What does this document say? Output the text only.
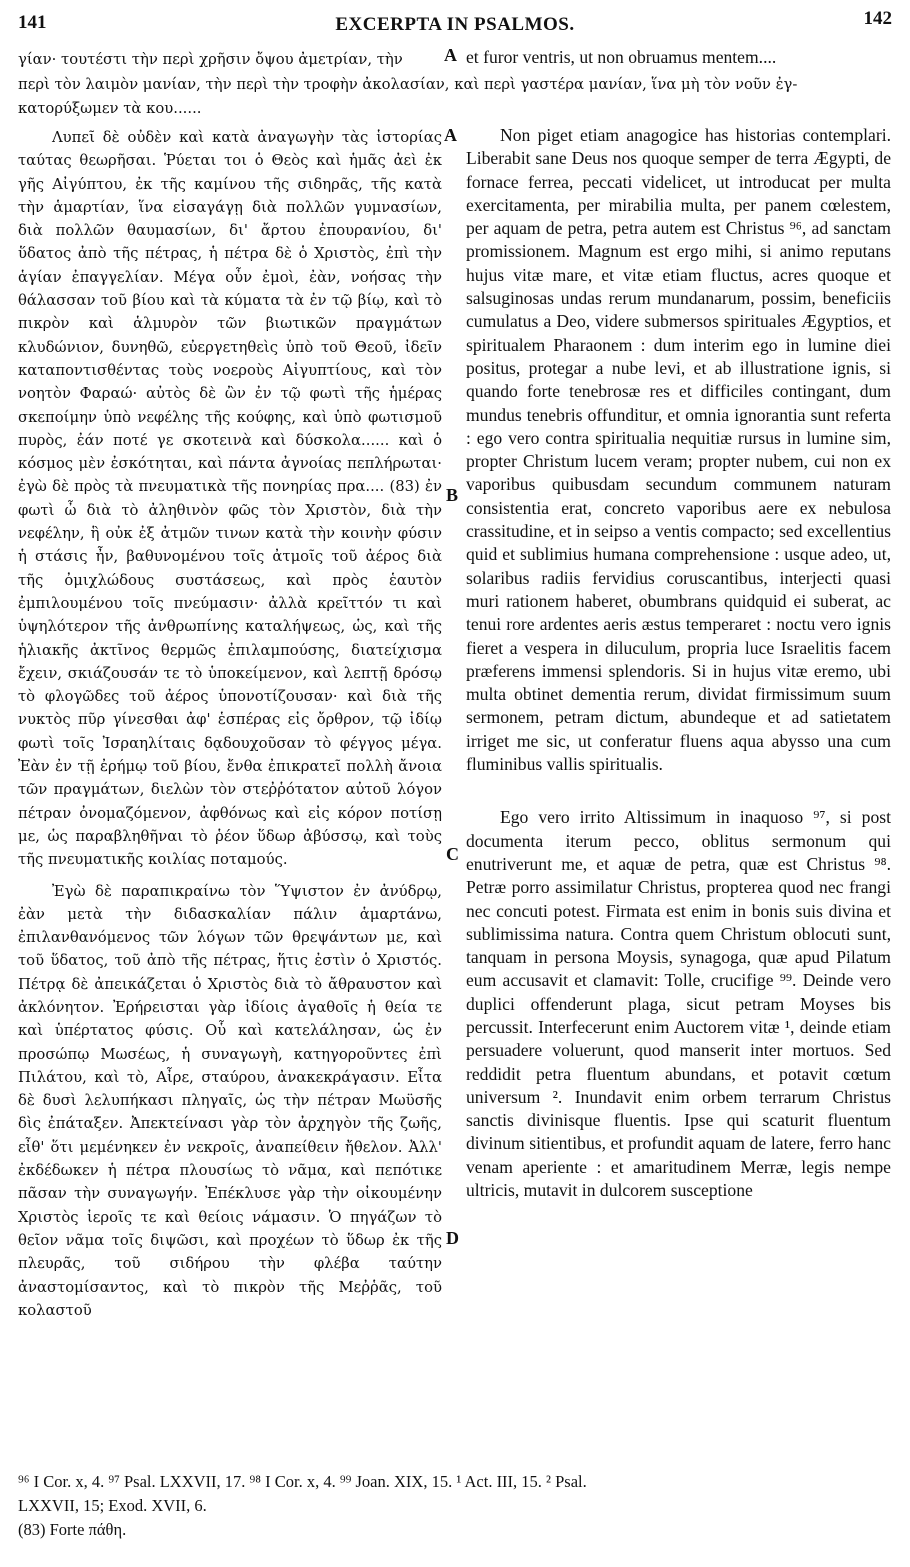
141	EXCERPTA IN PSALMOS.	142
γίαν· τουτέστι τὴν περὶ χρῆσιν ὄψου ἀμετρίαν, τὴν	et furor ventris, ut non obruamus mentem....
περὶ τὸν λαιμὸν μανίαν, τὴν περὶ τὴν τροφὴν ἀκολασίαν, καὶ περὶ γαστέρα μανίαν, ἵνα μὴ τὸν νοῦν ἐγ-
κατορύξωμεν τὰ κου......

Λυπεῖ δὲ οὐδὲν καὶ κατὰ ἀναγωγὴν τὰς ἱστορίας ταύτας θεωρῆσαι. Ῥύεται τοι ὁ Θεὸς καὶ ἡμᾶς ἀεὶ ἐκ γῆς Αἰγύπτου, ἐκ τῆς καμίνου τῆς σιδηρᾶς, τῆς κατὰ τὴν ἁμαρτίαν, ἵνα εἰσαγάγῃ διὰ πολλῶν γυμνασίων, διὰ πολλῶν θαυμασίων, δι' ἄρτου ἐπουρανίου, δι' ὕδατος ἀπὸ τῆς πέτρας, ἡ πέτρα δὲ ὁ Χριστὸς, ἐπὶ τὴν ἁγίαν ἐπαγγελίαν. Μέγα οὖν ἐμοὶ, ἐὰν, νοήσας τὴν θάλασσαν τοῦ βίου καὶ τὰ κύματα τὰ ἐν τῷ βίῳ, καὶ τὸ πικρὸν καὶ ἁλμυρὸν τῶν βιωτικῶν πραγμάτων κλυδώνιον, δυνηθῶ, εὐεργετηθεὶς ὑπὸ τοῦ Θεοῦ, ἰδεῖν καταποντισθέντας τοὺς νοεροὺς Αἰγυπτίους, καὶ τὸν νοητὸν Φαραώ· αὐτὸς δὲ ὢν ἐν τῷ φωτὶ τῆς ἡμέρας σκεποίμην ὑπὸ νεφέλης τῆς κούφης, καὶ ὑπὸ φωτισμοῦ πυρὸς, ἐάν ποτέ γε σκοτεινὰ καὶ δύσκολα...... καὶ ὁ κόσμος μὲν ἐσκότηται, καὶ πάντα ἀγνοίας πεπλήρωται· ἐγὼ δὲ πρὸς τὰ πνευματικὰ τῆς πονηρίας πρα.... (83) ἐν φωτὶ ὦ διὰ τὸ ἀληθινὸν φῶς τὸν Χριστὸν, διὰ τὴν νεφέλην, ἣ οὐκ ἐξ ἀτμῶν τινων κατὰ τὴν κοινὴν φύσιν ἡ στάσις ἦν, βαθυνομένου τοῖς ἀτμοῖς τοῦ ἀέρος διὰ τῆς ὀμιχλώδους συστάσεως, καὶ πρὸς ἑαυτὸν ἐμπιλουμένου τοῖς πνεύμασιν· ἀλλὰ κρεῖττόν τι καὶ ὑψηλότερον τῆς ἀνθρωπίνης καταλήψεως, ὡς, καὶ τῆς ἡλιακῆς ἀκτῖνος θερμῶς ἐπιλαμπούσης, διατείχισμα ἔχειν, σκιάζουσάν τε τὸ ὑποκείμενον, καὶ λεπτῇ δρόσῳ τὸ φλογῶδες τοῦ ἀέρος ὑπονοτίζουσαν· καὶ διὰ τῆς νυκτὸς πῦρ γίνεσθαι ἀφ' ἑσπέρας εἰς ὄρθρον, τῷ ἰδίῳ φωτὶ τοῖς Ἰσραηλίταις δᾳδουχοῦσαν τὸ φέγγος μέγα. Ἐὰν ἐν τῇ ἐρήμῳ τοῦ βίου, ἔνθα ἐπικρατεῖ πολλὴ ἄνοια τῶν πραγμάτων, διελὼν τὸν στεῤῥότατον αὐτοῦ λόγον πέτραν ὀνομαζόμενον, ἀφθόνως καὶ εἰς κόρον ποτίσῃ με, ὡς παραβληθῆναι τὸ ῥέον ὕδωρ ἀβύσσῳ, καὶ τοὺς τῆς πνευματικῆς κοιλίας ποταμούς.

Ἐγὼ δὲ παραπικραίνω τὸν Ὕψιστον ἐν ἀνύδρῳ, ἐὰν μετὰ τὴν διδασκαλίαν πάλιν ἁμαρτάνω, ἐπιλανθανόμενος τῶν λόγων τῶν θρεψάντων με, καὶ τοῦ ὕδατος, τοῦ ἀπὸ τῆς πέτρας, ἥτις ἐστὶν ὁ Χριστός. Πέτρᾳ δὲ ἀπεικάζεται ὁ Χριστὸς διὰ τὸ ἄθραυστον καὶ ἀκλόνητον. Ἐρήρεισται γὰρ ἰδίοις ἀγαθοῖς ἡ θεία τε καὶ ὑπέρτατος φύσις. Οὗ καὶ κατελάλησαν, ὡς ἐν προσώπῳ Μωσέως, ἡ συναγωγὴ, κατηγοροῦντες ἐπὶ Πιλάτου, καὶ τὸ, Αἶρε, σταύρου, ἀνακεκράγασιν. Εἶτα δὲ δυσὶ λελυπήκασι πληγαῖς, ὡς τὴν πέτραν Μωϋσῆς δὶς ἐπάταξεν. Ἀπεκτείνασι γὰρ τὸν ἀρχηγὸν τῆς ζωῆς, εἶθ' ὅτι μεμένηκεν ἐν νεκροῖς, ἀναπείθειν ἤθελον. Ἀλλ' ἐκδέδωκεν ἡ πέτρα πλουσίως τὸ νᾶμα, καὶ πεπότικε πᾶσαν τὴν συναγωγήν. Ἐπέκλυσε γὰρ τὴν οἰκουμένην Χριστὸς ἱεροῖς τε καὶ θείοις νάμασιν. Ὁ πηγάζων τὸ θεῖον νᾶμα τοῖς διψῶσι, καὶ προχέων τὸ ὕδωρ ἐκ τῆς πλευρᾶς, τοῦ σιδήρου τὴν φλέβα ταύτην ἀναστομίσαντος, καὶ τὸ πικρὸν τῆς Μεῤῥᾶς, τοῦ κολαστοῦ

Non piget etiam anagogice has historias contemplari. Liberabit sane Deus nos quoque semper de terra Ægypti, de fornace ferrea, peccati videlicet, ut introducat per multa exercitamenta, per mirabilia multa, per panem cœlestem, per aquam de petra, petra autem est Christus ⁹⁶, ad sanctam promissionem. Magnum est ergo mihi, si animo reputans hujus vitæ mare, et vitæ etiam fluctus, acres quoque et salsuginosas undas rerum mundanarum, possim, beneficiis cumulatus a Deo, videre submersos spirituales Ægyptios, et spiritualem Pharaonem : dum interim ego in lumine diei positus, protegar a nube levi, et ab illustratione ignis, si quando forte tenebrosæ res et difficiles contingant, dum mundus tenebris offunditur, et omnia ignorantia sunt referta : ego vero contra spiritualia nequitiæ rursus in lumine sim, propter Christum lucem veram; propter nubem, cui non ex vaporibus quibusdam secundum communem naturam consistentia erat, concreto vaporibus aere ex nebulosa crassitudine, et in seipso a ventis compacto; sed excellentius quid et sublimius humana comprehensione : usque adeo, ut, solaribus radiis fervidius coruscantibus, interjecti quasi muri rationem haberet, obumbrans quidquid ei suberat, ac tenui rore ardentes aeris æstus temperaret : noctu vero ignis fieret a vespera in diluculum, propria luce Israelitis facem præferens immensi splendoris. Si in hujus vitæ eremo, ubi multa obtinet dementia rerum, dividat firmissimum suum sermonem, petram dictum, abundeque et ad satietatem irriget me sic, ut conferatur fluens aqua abysso una cum fluminibus vallis spiritualis.

Ego vero irrito Altissimum in inaquoso ⁹⁷, si post documenta iterum pecco, oblitus sermonum qui enutriverunt me, et aquæ de petra, quæ est Christus ⁹⁸. Petræ porro assimilatur Christus, propterea quod nec frangi nec concuti potest. Firmata est enim in bonis suis divina et sublimissima natura. Contra quem Christum oblocuti sunt, tanquam in persona Moysis, synagoga, quæ apud Pilatum eum accusavit et clamavit: Tolle, crucifige ⁹⁹. Deinde vero duplici offenderunt plaga, sicut petram Moyses bis percussit. Interfecerunt enim Auctorem vitæ ¹, deinde etiam persuadere voluerunt, quod manserit inter mortuos. Sed reddidit petra fluentum abundans, et potavit cœtum universum ². Inundavit enim orbem terrarum Christus sanctis divinisque fluentis. Ipse qui scaturit fluentum divinum sitientibus, et profundit aquam de latere, ferro hanc venam aperiente : et amaritudinem Merræ, legis nempe ultricis, mutavit in dulcorem susceptione

A
A
B
C
D
⁹⁶ I Cor. x, 4. ⁹⁷ Psal. LXXVII, 17. ⁹⁸ I Cor. x, 4. ⁹⁹ Joan. XIX, 15. ¹ Act. III, 15. ² Psal.
LXXVII, 15; Exod. XVII, 6.
(83) Forte πάθη.
